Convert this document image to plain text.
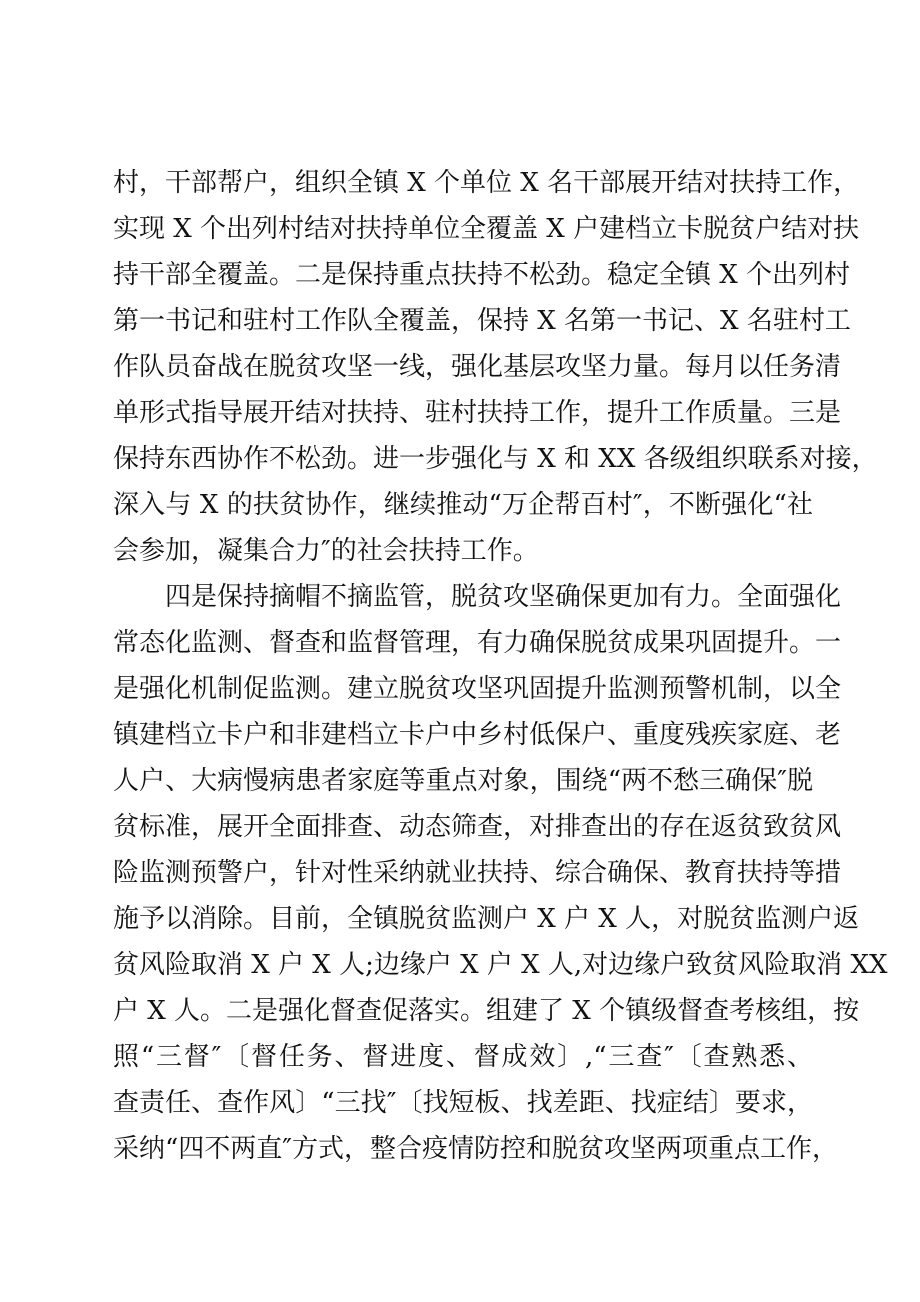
村，干部帮户，组织全镇 X 个单位 X 名干部展开结对扶持工作，
实现 X 个出列村结对扶持单位全覆盖 X 户建档立卡脱贫户结对扶
持干部全覆盖。二是保持重点扶持不松劲。稳定全镇 X 个出列村
第一书记和驻村工作队全覆盖，保持 X 名第一书记、X 名驻村工
作队员奋战在脱贫攻坚一线，强化基层攻坚力量。每月以任务清
单形式指导展开结对扶持、驻村扶持工作，提升工作质量。三是
保持东西协作不松劲。进一步强化与 X 和 XX 各级组织联系对接，
深入与 X 的扶贫协作，继续推动“万企帮百村″，不断强化“社
会参加，凝集合力″的社会扶持工作。
四是保持摘帽不摘监管，脱贫攻坚确保更加有力。全面强化
常态化监测、督查和监督管理，有力确保脱贫成果巩固提升。一
是强化机制促监测。建立脱贫攻坚巩固提升监测预警机制，以全
镇建档立卡户和非建档立卡户中乡村低保户、重度残疾家庭、老
人户、大病慢病患者家庭等重点对象，围绕“两不愁三确保″脱
贫标准，展开全面排查、动态筛查，对排查出的存在返贫致贫风
险监测预警户，针对性采纳就业扶持、综合确保、教育扶持等措
施予以消除。目前，全镇脱贫监测户 X 户 X 人，对脱贫监测户返
贫风险取消 X 户 X 人;边缘户 X 户 X 人,对边缘户致贫风险取消 XX
户 X 人。二是强化督查促落实。组建了 X 个镇级督查考核组，按
照“三督″〔督任务、督进度、督成效〕,“三查″〔查熟悉、
查责任、查作风〕“三找″〔找短板、找差距、找症结〕要求，
采纳“四不两直″方式，整合疫情防控和脱贫攻坚两项重点工作，
